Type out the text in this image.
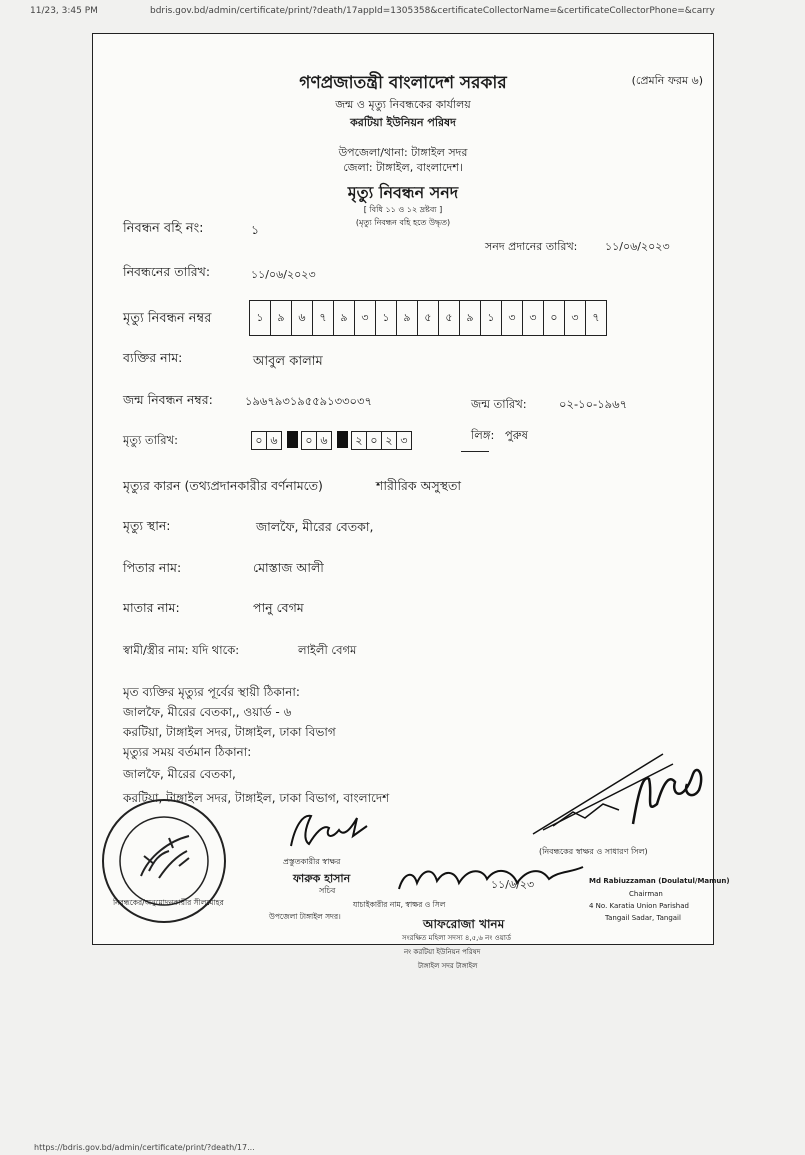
11/23, 3:45 PM	bdris.gov.bd/admin/certificate/print/?death/17appId=1305358&certificateCollectorName=&certificateCollectorPhone=&carry
(প্রেমনি ফরম ৬)
গণপ্রজাতন্ত্রী বাংলাদেশ সরকার
জন্ম ও মৃত্যু নিবন্ধকের কার্যালয়
করটিয়া ইউনিয়ন পরিষদ
উপজেলা/থানা: টাঙ্গাইল সদর
জেলা: টাঙ্গাইল, বাংলাদেশ।
মৃত্যু নিবন্ধন সনদ
[ বিধি ১১ ও ১২ দ্রষ্টব্য ]
(মৃত্যু নিবন্ধন বহি হতে উদ্ধৃত)
নিবন্ধন বহি নং:	১
সনদ প্রদানের তারিখ:	১১/০৬/২০২৩
নিবন্ধনের তারিখ:	১১/০৬/২০২৩
মৃত্যু নিবন্ধন নম্বর	১	৯	৬	৭	৯	৩	১	৯	৫	৫	৯	১	৩	৩	০	৩	৭
ব্যক্তির নাম:	আবুল কালাম
জন্ম নিবন্ধন নম্বর:	১৯৬৭৯৩১৯৫৫৯১৩৩০৩৭	জন্ম তারিখ:	০২-১০-১৯৬৭
মৃত্যু তারিখ:	০ ৬	০ ৬	২ ০ ২ ৩	লিঙ্গ: পুরুষ
মৃত্যুর কারন (তথ্যপ্রদানকারীর বর্ণনামতে)	শারীরিক অসুস্থতা
মৃত্যু স্থান:	জালফৈ, মীরের বেতকা,
পিতার নাম:	মোস্তাজ আলী
মাতার নাম:	পানু বেগম
স্বামী/স্ত্রীর নাম: যদি থাকে:	লাইলী বেগম
মৃত ব্যক্তির মৃত্যুর পূর্বের স্থায়ী ঠিকানা:
জালফৈ, মীরের বেতকা,, ওয়ার্ড - ৬
করটিয়া, টাঙ্গাইল সদর, টাঙ্গাইল, ঢাকা বিভাগ
মৃত্যুর সময় বর্তমান ঠিকানা:
জালফৈ, মীরের বেতকা,
করটিয়া, টাঙ্গাইল সদর, টাঙ্গাইল, ঢাকা বিভাগ, বাংলাদেশ
প্রস্তুতকারীর স্বাক্ষর
ফারুক হাসান
সচিব
(নিবন্ধকের স্বাক্ষর ও সাধারণ সিল)
১১/৬/২৩	Md Rabiuzzaman (Doulatul/Mamun)
Chairman
4 No. Karatia Union Parishad
Tangail Sadar, Tangail
নিবন্ধকের/অনুমোদনকারীর সীলমোহর	যাচাইকারীর নাম, স্বাক্ষর ও সিল
উপজেলা টাঙ্গাইল সদর।
আফরোজা খানম
সংরক্ষিত মহিলা সদস্য ৪,৫,৬ নং ওয়ার্ড
নং করটিয়া ইউনিয়ন পরিষদ
টাঙ্গাইল সদর টাঙ্গাইল
https://bdris.gov.bd/admin/certificate/print/?death/17...
